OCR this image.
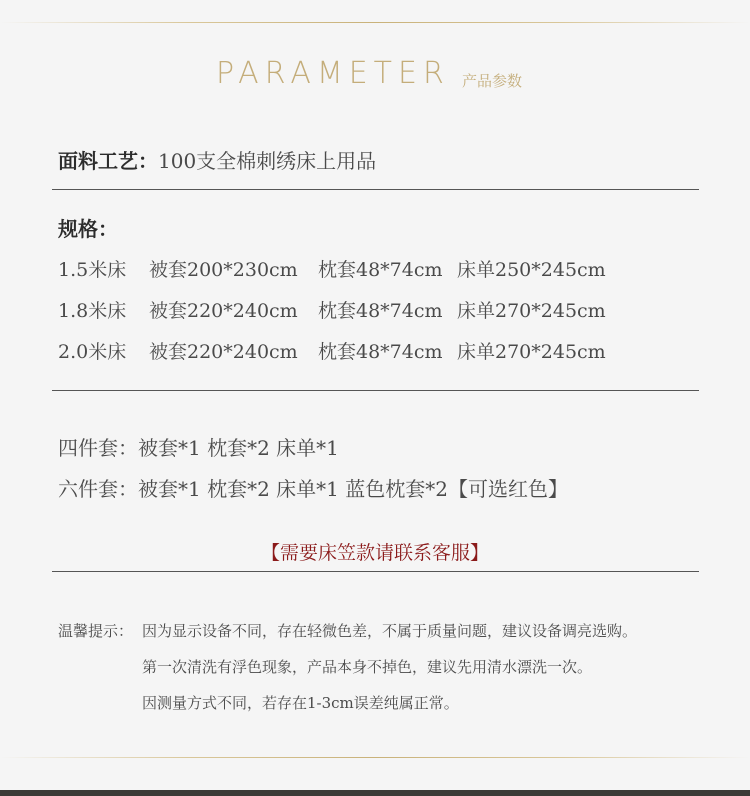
PARAMETER 产品参数
面料工艺：100支全棉刺绣床上用品
规格：
1.5米床 被套200*230cm 枕套48*74cm 床单250*245cm
1.8米床 被套220*240cm 枕套48*74cm 床单270*245cm
2.0米床 被套220*240cm 枕套48*74cm 床单270*245cm
四件套：被套*1 枕套*2 床单*1
六件套：被套*1 枕套*2 床单*1 蓝色枕套*2【可选红色】
【需要床笠款请联系客服】
温馨提示： 因为显示设备不同，存在轻微色差，不属于质量问题，建议设备调亮选购。
第一次清洗有浮色现象，产品本身不掉色，建议先用清水漂洗一次。
因测量方式不同，若存在1-3cm误差纯属正常。
